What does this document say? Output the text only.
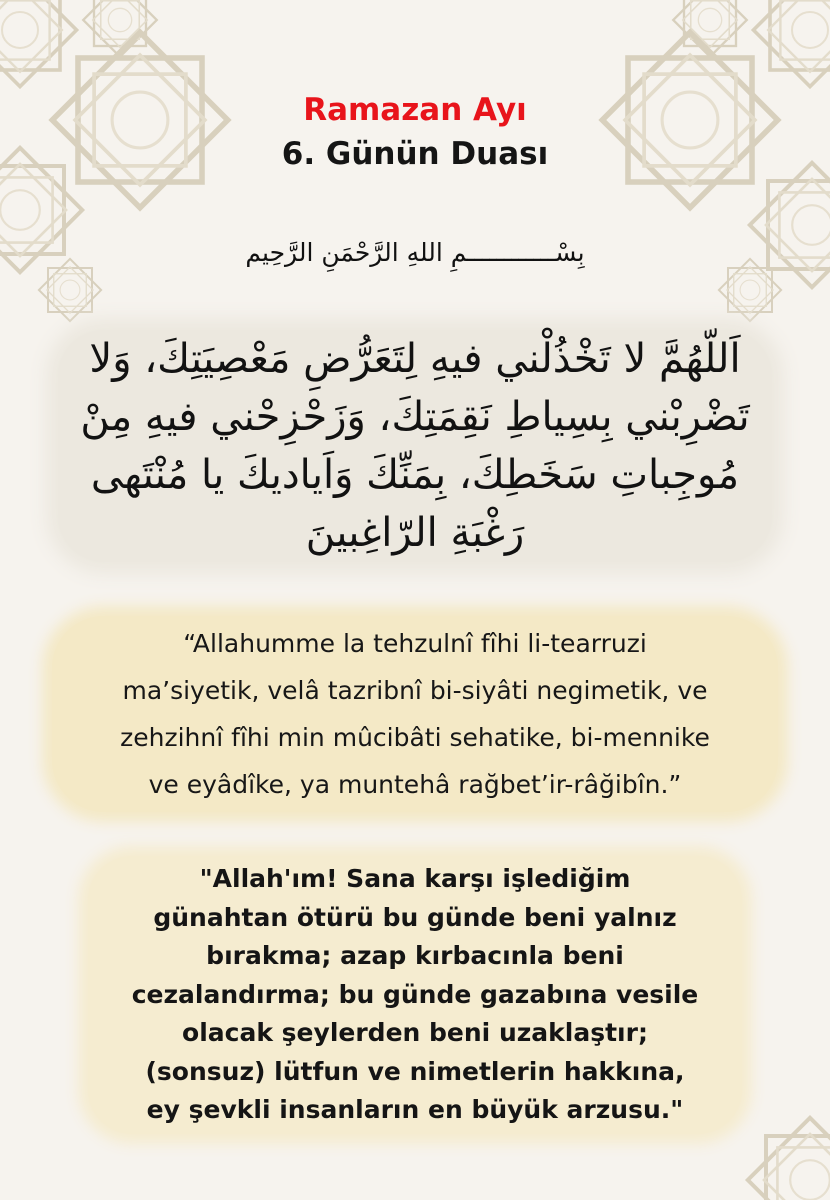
Ramazan Ayı
6. Günün Duası
بِسْــــــــــــمِ اللهِ الرَّحْمَنِ الرَّحِيم
اَللّهُمَّ لا تَخْذُلْني فيهِ لِتَعَرُّضِ مَعْصِيَتِكَ، وَلا
تَضْرِبْني بِسِياطِ نَقِمَتِكَ، وَزَحْزِحْني فيهِ مِنْ
مُوجِباتِ سَخَطِكَ، بِمَنِّكَ وَاَياديكَ يا مُنْتَهى
رَغْبَةِ الرّاغِبينَ
“Allahumme la tehzulnî fîhi li-tearruzi
ma’siyetik, velâ tazribnî bi-siyâti negimetik, ve
zehzihnî fîhi min mûcibâti sehatike, bi-mennike
ve eyâdîke, ya muntehâ rağbet’ir-râğibîn.”
"Allah'ım! Sana karşı işlediğim
günahtan ötürü bu günde beni yalnız
bırakma; azap kırbacınla beni
cezalandırma; bu günde gazabına vesile
olacak şeylerden beni uzaklaştır;
(sonsuz) lütfun ve nimetlerin hakkına,
ey şevkli insanların en büyük arzusu."
